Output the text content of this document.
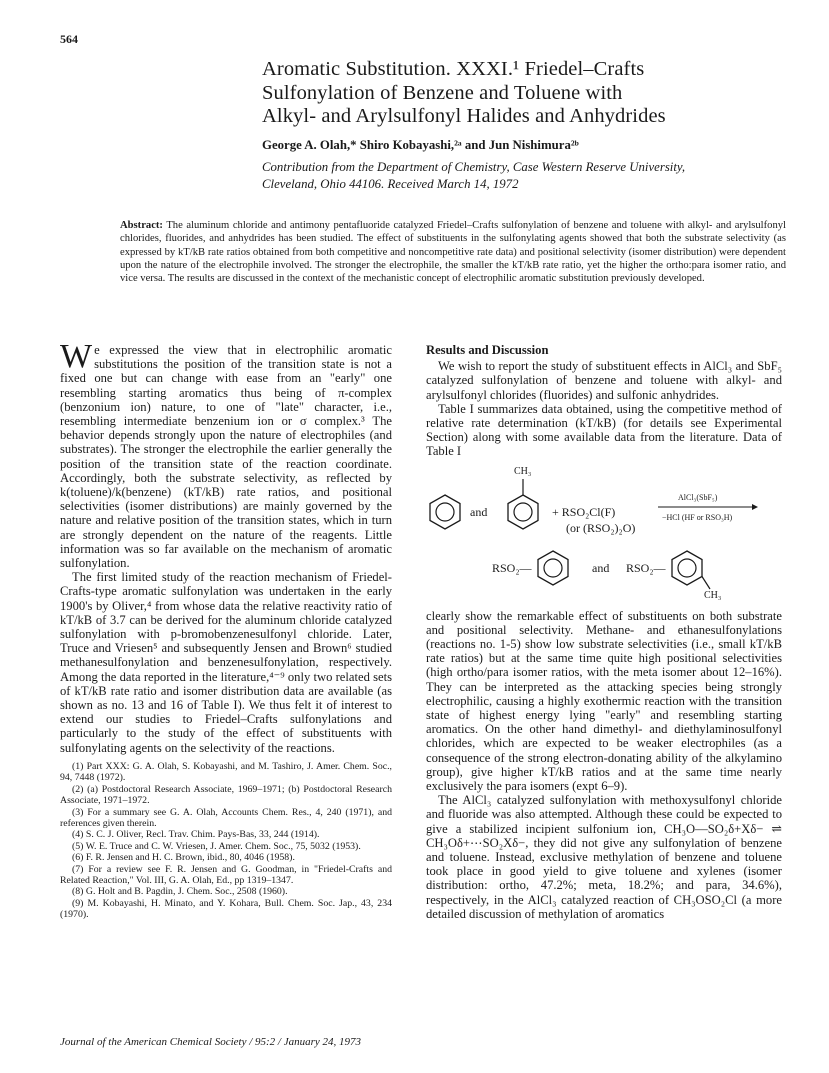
564
Aromatic Substitution. XXXI.¹ Friedel–Crafts
Sulfonylation of Benzene and Toluene with
Alkyl- and Arylsulfonyl Halides and Anhydrides
George A. Olah,* Shiro Kobayashi,²ᵃ and Jun Nishimura²ᵇ
Contribution from the Department of Chemistry, Case Western Reserve University,
Cleveland, Ohio 44106. Received March 14, 1972
Abstract: The aluminum chloride and antimony pentafluoride catalyzed Friedel–Crafts sulfonylation of benzene and toluene with alkyl- and arylsulfonyl chlorides, fluorides, and anhydrides has been studied. The effect of substituents in the sulfonylating agents showed that both the substrate selectivity (as expressed by kT/kB rate ratios obtained from both competitive and noncompetitive rate data) and positional selectivity (isomer distribution) were dependent upon the nature of the electrophile involved. The stronger the electrophile, the smaller the kT/kB rate ratio, yet the higher the ortho:para isomer ratio, and vice versa. The results are discussed in the context of the mechanistic concept of electrophilic aromatic substitution previously developed.

We expressed the view that in electrophilic aromatic substitutions the position of the transition state is not a fixed one but can change with ease from an "early" one resembling starting aromatics thus being of π-complex (benzonium ion) nature, to one of "late" character, i.e., resembling intermediate benzenium ion or σ complex.³ The behavior depends strongly upon the nature of electrophiles (and substrates). The stronger the electrophile the earlier generally the position of the transition state of the reaction coordinate. Accordingly, both the substrate selectivity, as reflected by k(toluene)/k(benzene) (kT/kB) rate ratios, and positional selectivities (isomer distributions) are mainly governed by the nature and relative position of the transition states, which in turn are strongly dependent on the nature of the reagents. Little information was so far available on the mechanism of aromatic sulfonylation.

The first limited study of the reaction mechanism of Friedel-Crafts-type aromatic sulfonylation was undertaken in the early 1900's by Oliver,⁴ from whose data the relative reactivity ratio of kT/kB of 3.7 can be derived for the aluminum chloride catalyzed sulfonylation with p-bromobenzenesulfonyl chloride. Later, Truce and Vriesen⁵ and subsequently Jensen and Brown⁶ studied methanesulfonylation and benzenesulfonylation, respectively. Among the data reported in the literature,⁴⁻⁹ only two related sets of kT/kB rate ratio and isomer distribution data are available (as shown as no. 13 and 16 of Table I). We thus felt it of interest to extend our studies to Friedel–Crafts sulfonylations and particularly to the study of the effect of substituents with sulfonylating agents on the selectivity of the reactions.

(1) Part XXX: G. A. Olah, S. Kobayashi, and M. Tashiro, J. Amer. Chem. Soc., 94, 7448 (1972).

(2) (a) Postdoctoral Research Associate, 1969–1971; (b) Postdoctoral Research Associate, 1971–1972.

(3) For a summary see G. A. Olah, Accounts Chem. Res., 4, 240 (1971), and references given therein.

(4) S. C. J. Oliver, Recl. Trav. Chim. Pays-Bas, 33, 244 (1914).

(5) W. E. Truce and C. W. Vriesen, J. Amer. Chem. Soc., 75, 5032 (1953).

(6) F. R. Jensen and H. C. Brown, ibid., 80, 4046 (1958).

(7) For a review see F. R. Jensen and G. Goodman, in "Friedel-Crafts and Related Reaction," Vol. III, G. A. Olah, Ed., pp 1319–1347.

(8) G. Holt and B. Pagdin, J. Chem. Soc., 2508 (1960).

(9) M. Kobayashi, H. Minato, and Y. Kohara, Bull. Chem. Soc. Jap., 43, 234 (1970).

Results and Discussion

We wish to report the study of substituent effects in AlCl₃ and SbF₅ catalyzed sulfonylation of benzene and toluene with alkyl- and arylsulfonyl chlorides (fluorides) and sulfonic anhydrides.

Table I summarizes data obtained, using the competitive method of relative rate determination (kT/kB) (for details see Experimental Section) along with some available data from the literature. Data of Table I

and
CH₃
+ RSO₂Cl(F)
(or (RSO₂)₂O)
AlCl₃(SbF₅)
−HCl (HF or RSO₃H)
RSO₂—	and RSO₂—
CH₃

clearly show the remarkable effect of substituents on both substrate and positional selectivity. Methane- and ethanesulfonylations (reactions no. 1-5) show low substrate selectivities (i.e., small kT/kB rate ratios) but at the same time quite high positional selectivities (high ortho/para isomer ratios, with the meta isomer about 12–16%). They can be interpreted as the attacking species being strongly electrophilic, causing a highly exothermic reaction with the transition state of highest energy lying "early" and resembling starting aromatics. On the other hand dimethyl- and diethylaminosulfonyl chlorides, which are expected to be weaker electrophiles (as a consequence of the strong electron-donating ability of the alkylamino group), give higher kT/kB ratios and at the same time nearly exclusively the para isomers (expt 6–9).

The AlCl₃ catalyzed sulfonylation with methoxysulfonyl chloride and fluoride was also attempted. Although these could be expected to give a stabilized incipient sulfonium ion, CH₃O—SO₂δ+Xδ− ⇌ CH₃Oδ+⋯SO₂Xδ−, they did not give any sulfonylation of benzene and toluene. Instead, exclusive methylation of benzene and toluene took place in good yield to give toluene and xylenes (isomer distribution: ortho, 47.2%; meta, 18.2%; and para, 34.6%), respectively, in the AlCl₃ catalyzed reaction of CH₃OSO₂Cl (a more detailed discussion of methylation of aromatics

Journal of the American Chemical Society / 95:2 / January 24, 1973
